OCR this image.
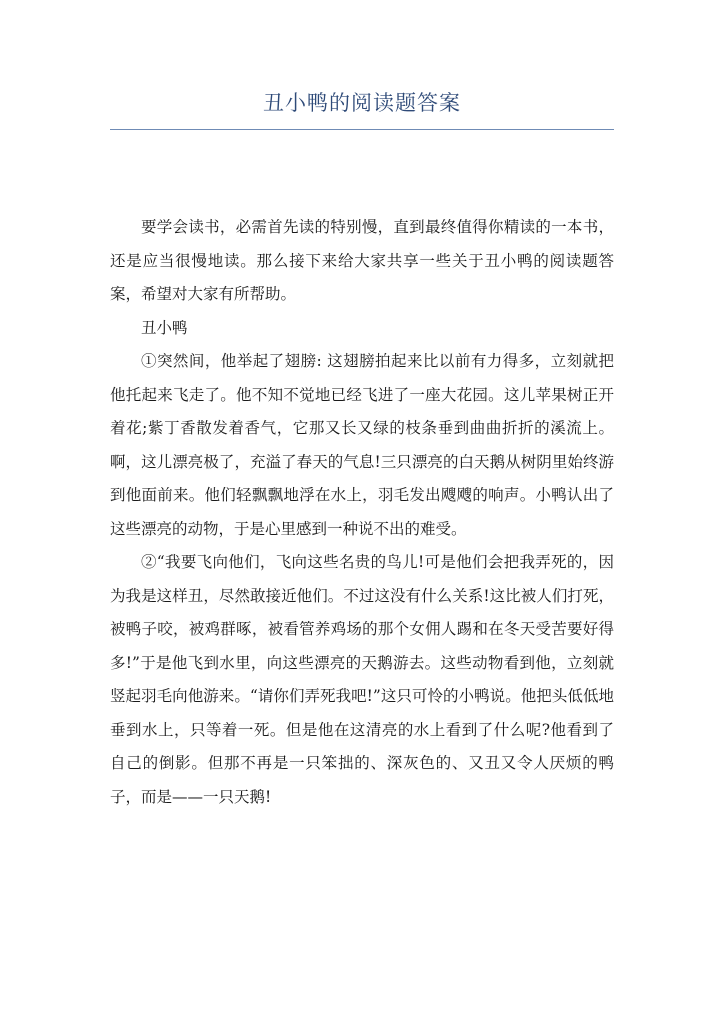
丑小鸭的阅读题答案

要学会读书，必需首先读的特别慢，直到最终值得你精读的一本书，还是应当很慢地读。那么接下来给大家共享一些关于丑小鸭的阅读题答案，希望对大家有所帮助。

丑小鸭

①突然间，他举起了翅膀: 这翅膀拍起来比以前有力得多，立刻就把他托起来飞走了。他不知不觉地已经飞进了一座大花园。这儿苹果树正开着花;紫丁香散发着香气，它那又长又绿的枝条垂到曲曲折折的溪流上。啊，这儿漂亮极了，充溢了春天的气息!三只漂亮的白天鹅从树阴里始终游到他面前来。他们轻飘飘地浮在水上，羽毛发出飕飕的响声。小鸭认出了这些漂亮的动物，于是心里感到一种说不出的难受。

②“我要飞向他们，飞向这些名贵的鸟儿!可是他们会把我弄死的，因为我是这样丑，尽然敢接近他们。不过这没有什么关系!这比被人们打死，被鸭子咬，被鸡群啄，被看管养鸡场的那个女佣人踢和在冬天受苦要好得多!”于是他飞到水里，向这些漂亮的天鹅游去。这些动物看到他，立刻就竖起羽毛向他游来。“请你们弄死我吧!”这只可怜的小鸭说。他把头低低地垂到水上，只等着一死。但是他在这清亮的水上看到了什么呢?他看到了自己的倒影。但那不再是一只笨拙的、深灰色的、又丑又令人厌烦的鸭子，而是——一只天鹅!
